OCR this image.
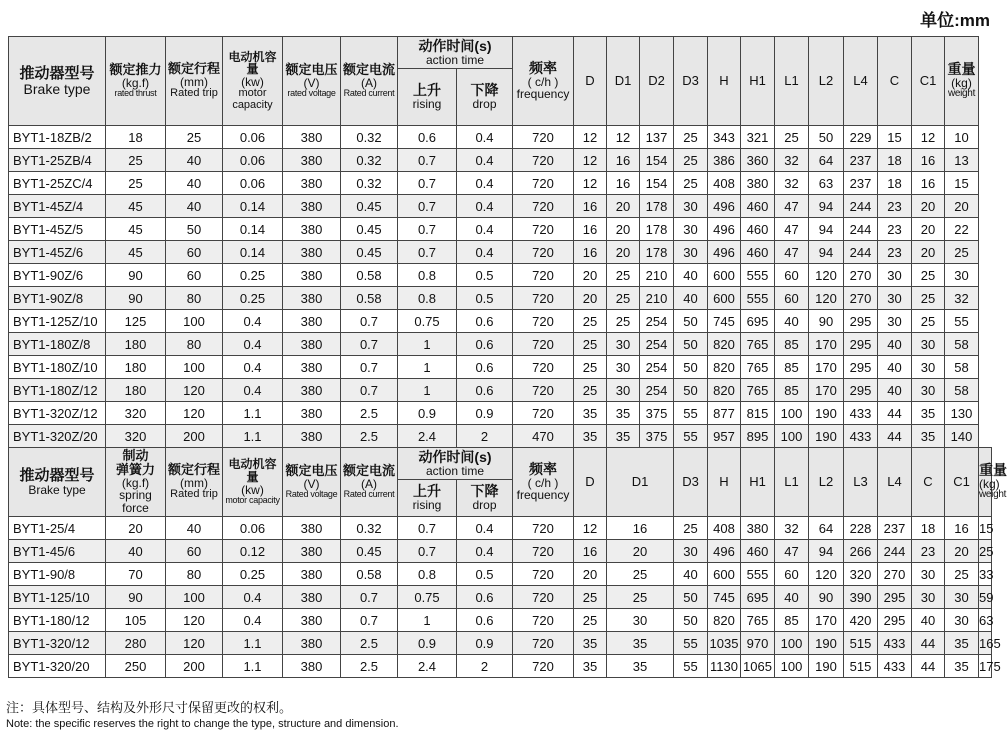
单位:mm
推动器型号
Brake type	额定推力
(kg.f)
rated thrust	额定行程
(mm)
Rated trip	电动机容量
(kw)
motor capacity	额定电压
(V)
rated voltage	额定电流
(A)
Rated current	动作时间(s)
action time		频率
( c/h )
frequency	D	D1	D2	D3	H	H1	L1	L2	L4	C	C1	重量
(kg)
weight	

						上升
rising	下降
drop														

BYT1-18ZB/2	18	25	0.06	380	0.32	0.6	0.4	720	12	12	137	25	343	321	25	50	229	15	12	10	
BYT1-25ZB/4	25	40	0.06	380	0.32	0.7	0.4	720	12	16	154	25	386	360	32	64	237	18	16	13	
BYT1-25ZC/4	25	40	0.06	380	0.32	0.7	0.4	720	12	16	154	25	408	380	32	63	237	18	16	15	
BYT1-45Z/4	45	40	0.14	380	0.45	0.7	0.4	720	16	20	178	30	496	460	47	94	244	23	20	20	
BYT1-45Z/5	45	50	0.14	380	0.45	0.7	0.4	720	16	20	178	30	496	460	47	94	244	23	20	22	
BYT1-45Z/6	45	60	0.14	380	0.45	0.7	0.4	720	16	20	178	30	496	460	47	94	244	23	20	25	
BYT1-90Z/6	90	60	0.25	380	0.58	0.8	0.5	720	20	25	210	40	600	555	60	120	270	30	25	30	
BYT1-90Z/8	90	80	0.25	380	0.58	0.8	0.5	720	20	25	210	40	600	555	60	120	270	30	25	32	
BYT1-125Z/10	125	100	0.4	380	0.7	0.75	0.6	720	25	25	254	50	745	695	40	90	295	30	25	55	
BYT1-180Z/8	180	80	0.4	380	0.7	1	0.6	720	25	30	254	50	820	765	85	170	295	40	30	58	
BYT1-180Z/10	180	100	0.4	380	0.7	1	0.6	720	25	30	254	50	820	765	85	170	295	40	30	58	
BYT1-180Z/12	180	120	0.4	380	0.7	1	0.6	720	25	30	254	50	820	765	85	170	295	40	30	58	
BYT1-320Z/12	320	120	1.1	380	2.5	0.9	0.9	720	35	35	375	55	877	815	100	190	433	44	35	130	
BYT1-320Z/20	320	200	1.1	380	2.5	2.4	2	470	35	35	375	55	957	895	100	190	433	44	35	140	

推动器型号
Brake type	制动
弹簧力
(kg.f)
spring
force	额定行程
(mm)
Rated trip	电动机容量
(kw)
motor capacity	额定电压
(V)
Rated voltage	额定电流
(A)
Rated current	动作时间(s)
action time		频率
( c/h )
frequency	D	D1		D3	H	H1	L1	L2	L3	L4	C	C1	重量
(kg)
weight

						上升
rising	下降
drop														

BYT1-25/4	20	40	0.06	380	0.32	0.7	0.4	720	12	16		25	408	380	32	64	228	237	18	16	15
BYT1-45/6	40	60	0.12	380	0.45	0.7	0.4	720	16	20		30	496	460	47	94	266	244	23	20	25
BYT1-90/8	70	80	0.25	380	0.58	0.8	0.5	720	20	25		40	600	555	60	120	320	270	30	25	33
BYT1-125/10	90	100	0.4	380	0.7	0.75	0.6	720	25	25		50	745	695	40	90	390	295	30	30	59
BYT1-180/12	105	120	0.4	380	0.7	1	0.6	720	25	30		50	820	765	85	170	420	295	40	30	63
BYT1-320/12	280	120	1.1	380	2.5	0.9	0.9	720	35	35		55	1035	970	100	190	515	433	44	35	165
BYT1-320/20	250	200	1.1	380	2.5	2.4	2	720	35	35		55	1130	1065	100	190	515	433	44	35	175
注：具体型号、结构及外形尺寸保留更改的权利。
Note: the specific reserves the right to change the type, structure and dimension.
